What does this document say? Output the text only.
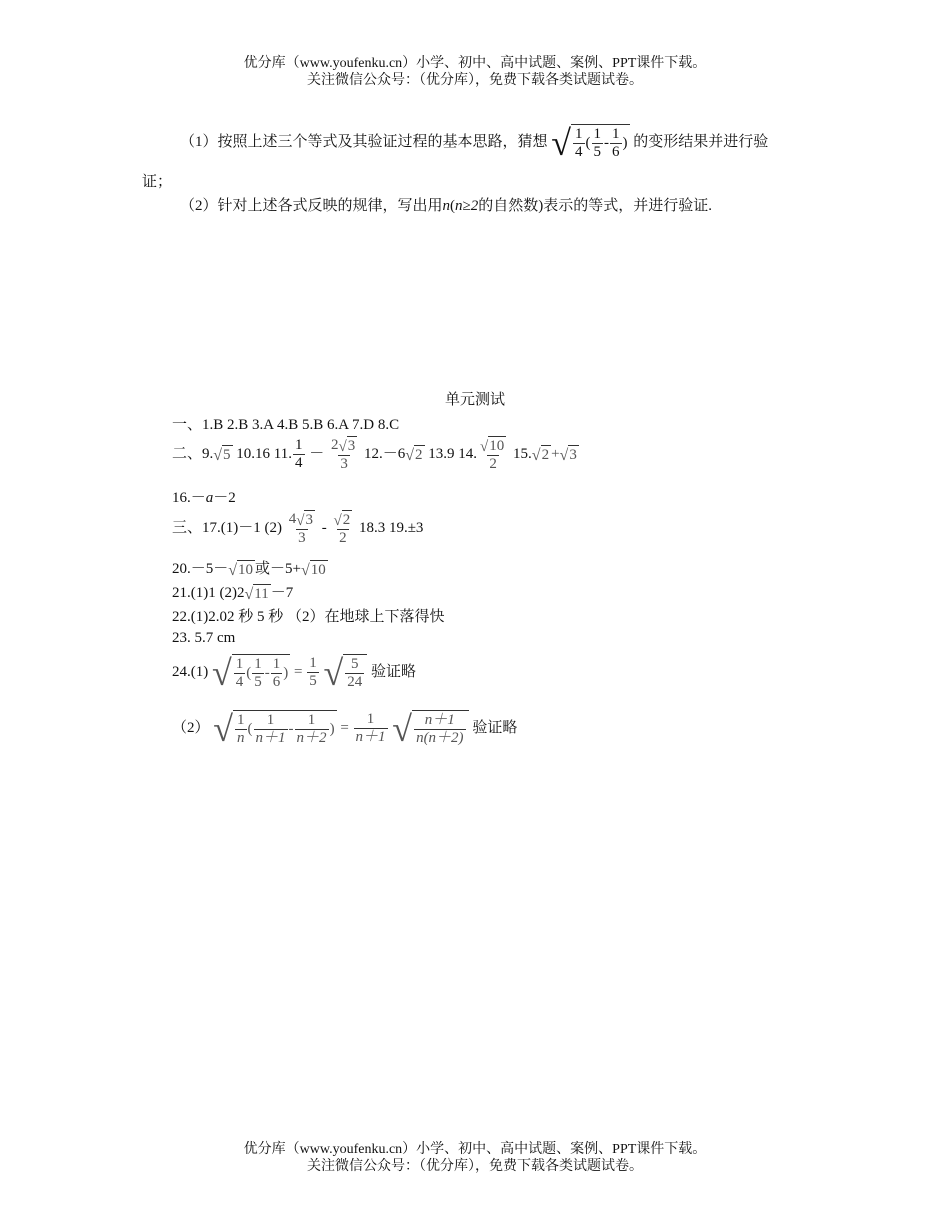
优分库（www.youfenku.cn）小学、初中、高中试题、案例、PPT课件下载。
关注微信公众号：（优分库），免费下载各类试题试卷。
（1）按照上述三个等式及其验证过程的基本思路，猜想 √ $\frac{1}{4}$ ( $\frac{1}{5} - \frac{1}{6}$ ) 的变形结果并进行验
证；
（2）针对上述各式反映的规律，写出用n(n≥2的自然数)表示的等式，并进行验证.
单元测试
一、1.B 2.B 3.A 4.B 5.B 6.A 7.D 8.C
二、9. √ 5 10.16 11. $\frac{1}{4} - \frac{2 √ 3}{3} 12.-6$ √ 2 13.9 14. $\frac{√ 10}{2} 15$. √ 2 + √ 3
16.－a－2
三、17.(1)－1 $(2) \frac{4 √ 3}{3} - \frac{√ 2}{2} 18.3$ 19.±3
20.－5－ √ 10 或－5+ √ 10
21.(1)1 (2)2 √ 11 －7
22.(1)2.02 秒 5 秒 （2）在地球上下落得快
23. 5.7 cm
24.(1) √ $\frac{1}{4}$ ( $\frac{1}{5} - \frac{1}{6}$ ) = $\frac{1}{5}$
√ $\frac{5}{24}$ 验证略
（2） √ $\frac{1}{n}$ ( $\frac{1}{n+1} - \frac{1}{n+2}$ ) = $\frac{1}{n+1}$
√ $\frac{n+1}{n(n+2)}$ 验证略
优分库（www.youfenku.cn）小学、初中、高中试题、案例、PPT课件下载。
关注微信公众号：（优分库），免费下载各类试题试卷。
